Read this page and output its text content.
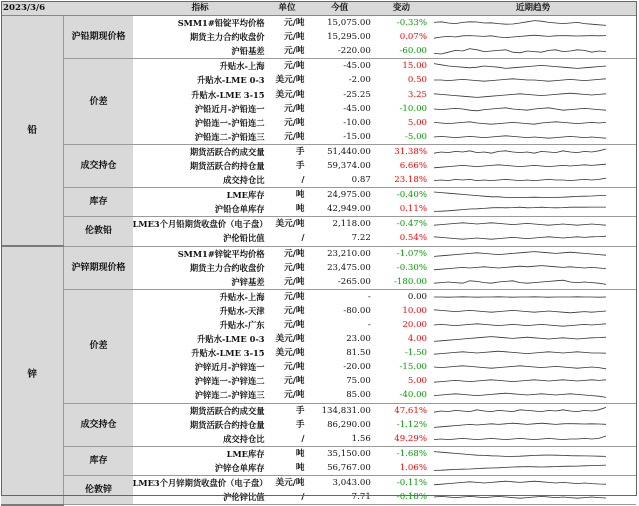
2023/3/6		指标	单位	今值	变动	近期趋势
铅	沪铅期现价格	SMM1#铅锭平均价格	元/吨	15,075.00	-0.33%	

		期货主力合约收盘价	元/吨	15,295.00	0.07%	

		沪铅基差	元/吨	-220.00	-60.00	

	价差	升贴水-上海	元/吨	-45.00	15.00	

		升贴水-LME 0-3	美元/吨	-2.00	0.50	

		升贴水-LME 3-15	美元/吨	-25.25	3.25	

		沪铅近月-沪铅连一	元/吨	-45.00	-10.00	

		沪铅连一-沪铅连二	元/吨	-10.00	5.00	

		沪铅连二-沪铅连三	元/吨	-15.00	-5.00	

	成交持仓	期货活跃合约成交量	手	51,440.00	31.38%	

		期货活跃合约持仓量	手	59,374.00	6.66%	

		成交持仓比	/	0.87	23.18%	

	库存	LME库存	吨	24,975.00	-0.40%	

		沪铅仓单库存	吨	42,949.00	0.11%	

	伦敦铅	LME3个月铅期货收盘价（电子盘）	美元/吨	2,118.00	-0.47%	

		沪伦铅比值	/	7.22	0.54%	

锌	沪锌期现价格	SMM1#锌锭平均价格	元/吨	23,210.00	-1.07%	

		期货主力合约收盘价	元/吨	23,475.00	-0.30%	

		沪锌基差	元/吨	-265.00	-180.00	

	价差	升贴水-上海	元/吨	-	0.00	

		升贴水-天津	元/吨	-80.00	10.00	

		升贴水-广东	元/吨	-	20.00	

		升贴水-LME 0-3	美元/吨	23.00	4.00	

		升贴水-LME 3-15	美元/吨	81.50	-1.50	

		沪锌近月-沪锌连一	元/吨	-20.00	-15.00	

		沪锌连一-沪锌连二	元/吨	75.00	5.00	

		沪锌连二-沪锌连三	元/吨	85.00	-40.00	

	成交持仓	期货活跃合约成交量	手	134,831.00	47.61%	

		期货活跃合约持仓量	手	86,290.00	-1.12%	

		成交持仓比	/	1.56	49.29%	

	库存	LME库存	吨	35,150.00	-1.68%	

		沪锌仓单库存	吨	56,767.00	1.06%	

	伦敦锌	LME3个月锌期货收盘价（电子盘）	美元/吨	3,043.00	-0.11%	

		沪伦锌比值	/	7.71	-0.18%	
